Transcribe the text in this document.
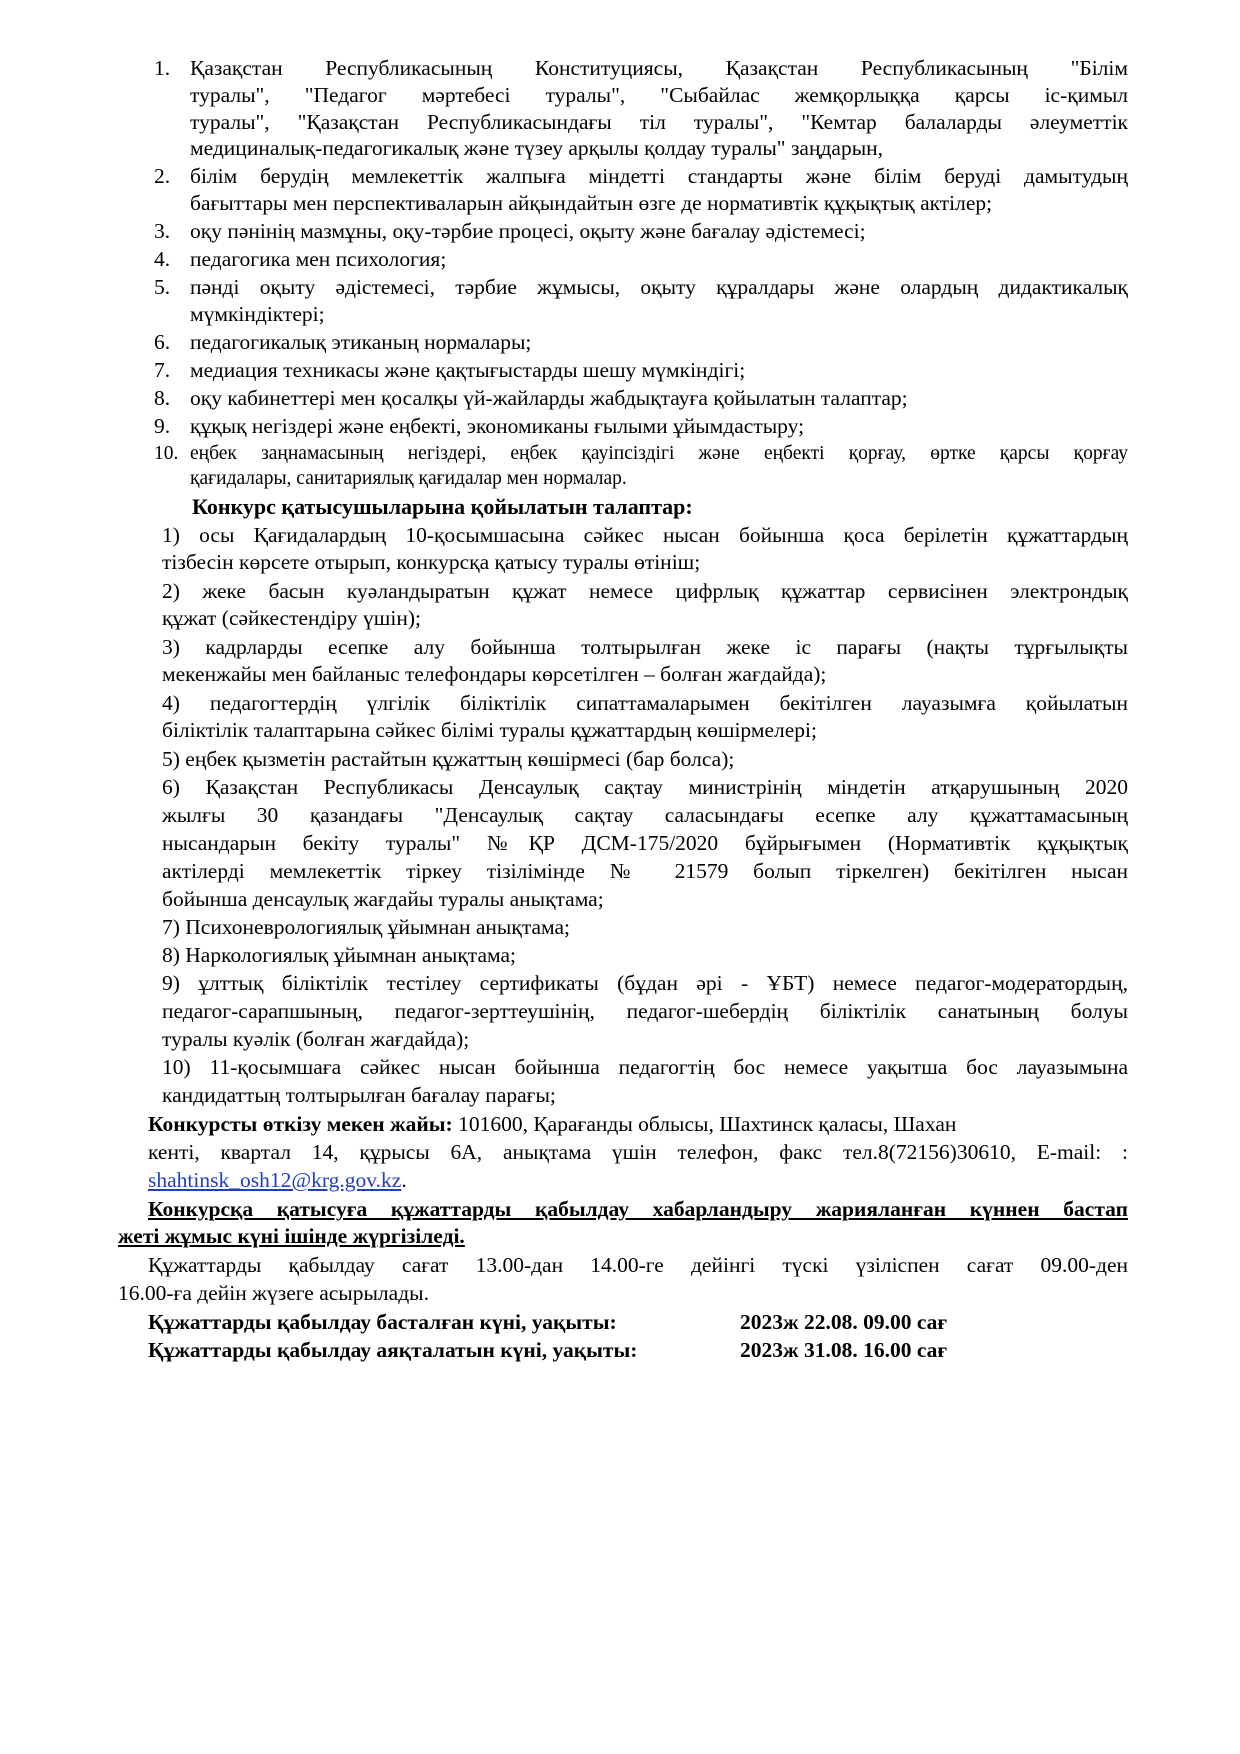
1. Қазақстан Республикасының Конституциясы, Қазақстан Республикасының "Білім
туралы", "Педагог мәртебесі туралы", "Сыбайлас жемқорлыққа қарсы іс-қимыл
туралы", "Қазақстан Республикасындағы тіл туралы", "Кемтар балаларды әлеуметтік
медициналық-педагогикалық және түзеу арқылы қолдау туралы" заңдарын,
2. білім берудің мемлекеттік жалпыға міндетті стандарты және білім беруді дамытудың
бағыттары мен перспективаларын айқындайтын өзге де нормативтік құқықтық актілер;
3. оқу пәнінің мазмұны, оқу-тәрбие процесі, оқыту және бағалау әдістемесі;
4. педагогика мен психология;
5. пәнді оқыту әдістемесі, тәрбие жұмысы, оқыту құралдары және олардың дидактикалық
мүмкіндіктері;
6. педагогикалық этиканың нормалары;
7. медиация техникасы және қақтығыстарды шешу мүмкіндігі;
8. оқу кабинеттері мен қосалқы үй-жайларды жабдықтауға қойылатын талаптар;
9. құқық негіздері және еңбекті, экономиканы ғылыми ұйымдастыру;
10. еңбек заңнамасының негіздері, еңбек қауіпсіздігі және еңбекті қорғау, өртке қарсы қорғау
қағидалары, санитариялық қағидалар мен нормалар.
Конкурс қатысушыларына қойылатын талаптар:
1) осы Қағидалардың 10-қосымшасына сәйкес нысан бойынша қоса берілетін құжаттардың
тізбесін көрсете отырып, конкурсқа қатысу туралы өтініш;
2) жеке басын куәландыратын құжат немесе цифрлық құжаттар сервисінен электрондық
құжат (сәйкестендіру үшін);
3) кадрларды есепке алу бойынша толтырылған жеке іс парағы (нақты тұрғылықты
мекенжайы мен байланыс телефондары көрсетілген – болған жағдайда);
4) педагогтердің үлгілік біліктілік сипаттамаларымен бекітілген лауазымға қойылатын
біліктілік талаптарына сәйкес білімі туралы құжаттардың көшірмелері;
5) еңбек қызметін растайтын құжаттың көшірмесі (бар болса);
6) Қазақстан Республикасы Денсаулық сақтау министрінің міндетін атқарушының 2020
жылғы 30 қазандағы "Денсаулық сақтау саласындағы есепке алу құжаттамасының
нысандарын бекіту туралы" №ҚР ДСМ-175/2020 бұйрығымен (Нормативтік құқықтық
актілерді мемлекеттік тіркеу тізілімінде № 21579 болып тіркелген) бекітілген нысан
бойынша денсаулық жағдайы туралы анықтама;
7) Психоневрологиялық ұйымнан анықтама;
8) Наркологиялық ұйымнан анықтама;
9) ұлттық біліктілік тестілеу сертификаты (бұдан әрі - ҰБТ) немесе педагог-модератордың,
педагог-сарапшының, педагог-зерттеушінің, педагог-шебердің біліктілік санатының болуы
туралы куәлік (болған жағдайда);
10) 11-қосымшаға сәйкес нысан бойынша педагогтің бос немесе уақытша бос лауазымына
кандидаттың толтырылған бағалау парағы;
Конкурсты өткізу мекен жайы: 101600, Қарағанды облысы, Шахтинск қаласы, Шахан
кенті, квартал 14, құрысы 6А, анықтама үшін телефон, факс тел.8(72156)30610, E-mail: :
shahtinsk_osh12@krg.gov.kz.
Конкурсқа қатысуға құжаттарды қабылдау хабарландыру жарияланған күннен бастап
жеті жұмыс күні ішінде жүргізіледі.
Құжаттарды қабылдау сағат 13.00-дан 14.00-ге дейінгі түскі үзіліспен сағат 09.00-ден
16.00-ға дейін жүзеге асырылады.
Құжаттарды қабылдау басталған күні, уақыты:	2023ж 22.08. 09.00 сағ
Құжаттарды қабылдау аяқталатын күні, уақыты:	2023ж 31.08. 16.00 сағ
